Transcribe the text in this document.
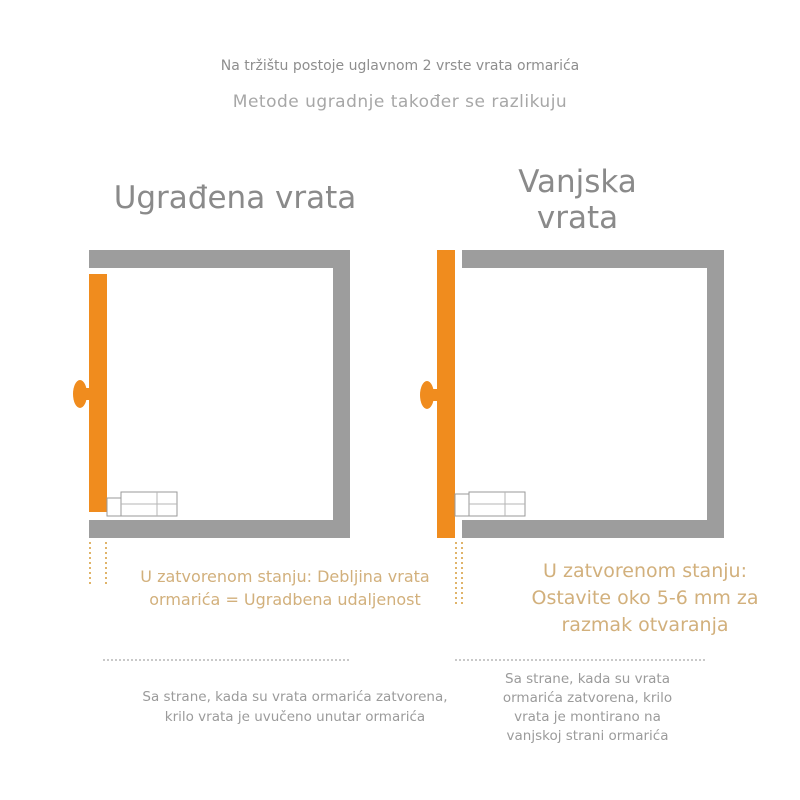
Na tržištu postoje uglavnom 2 vrste vrata ormarića
Metode ugradnje također se razlikuju
Ugrađena vrata	Vanjska
vrata
U zatvorenom stanju: Debljina vrata
ormarića = Ugradbena udaljenost
U zatvorenom stanju:
Ostavite oko 5-6 mm za
razmak otvaranja
Sa strane, kada su vrata ormarića zatvorena,
krilo vrata je uvučeno unutar ormarića
Sa strane, kada su vrata
ormarića zatvorena, krilo
vrata je montirano na
vanjskoj strani ormarića
